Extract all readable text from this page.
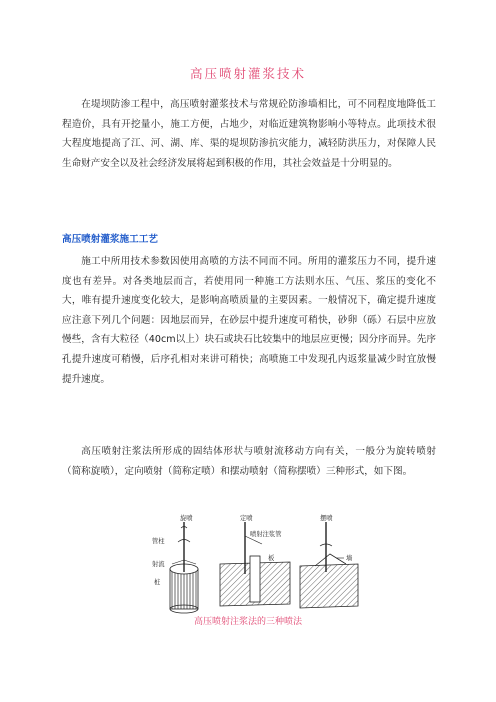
高压喷射灌浆技术

在堤坝防渗工程中，高压喷射灌浆技术与常规砼防渗墙相比，可不同程度地降低工程造价，具有开挖量小，施工方便，占地少，对临近建筑物影响小等特点。此项技术很大程度地提高了江、河、湖、库、渠的堤坝防渗抗灾能力，减轻防洪压力，对保障人民生命财产安全以及社会经济发展将起到积极的作用，其社会效益是十分明显的。

高压喷射灌浆施工工艺

施工中所用技术参数因使用高喷的方法不同而不同。所用的灌浆压力不同，提升速度也有差异。对各类地层而言，若使用同一种施工方法则水压、气压、浆压的变化不大，唯有提升速度变化较大，是影响高喷质量的主要因素。一般情况下，确定提升速度应注意下列几个问题：因地层而异，在砂层中提升速度可稍快，砂卵（砾）石层中应放慢些，含有大粒径（40cm以上）块石或块石比较集中的地层应更慢；因分序而异。先序孔提升速度可稍慢，后序孔相对来讲可稍快；高喷施工中发现孔内返浆量减少时宜放慢提升速度。

高压喷射注浆法所形成的固结体形状与喷射流移动方向有关，一般分为旋转喷射（简称旋喷），定向喷射（简称定喷）和摆动喷射（简称摆喷）三种形式，如下图。

旋喷
管柱
射流
桩
定喷
喷射注浆管
板
摆喷
墙
高压喷射注浆法的三种喷法
